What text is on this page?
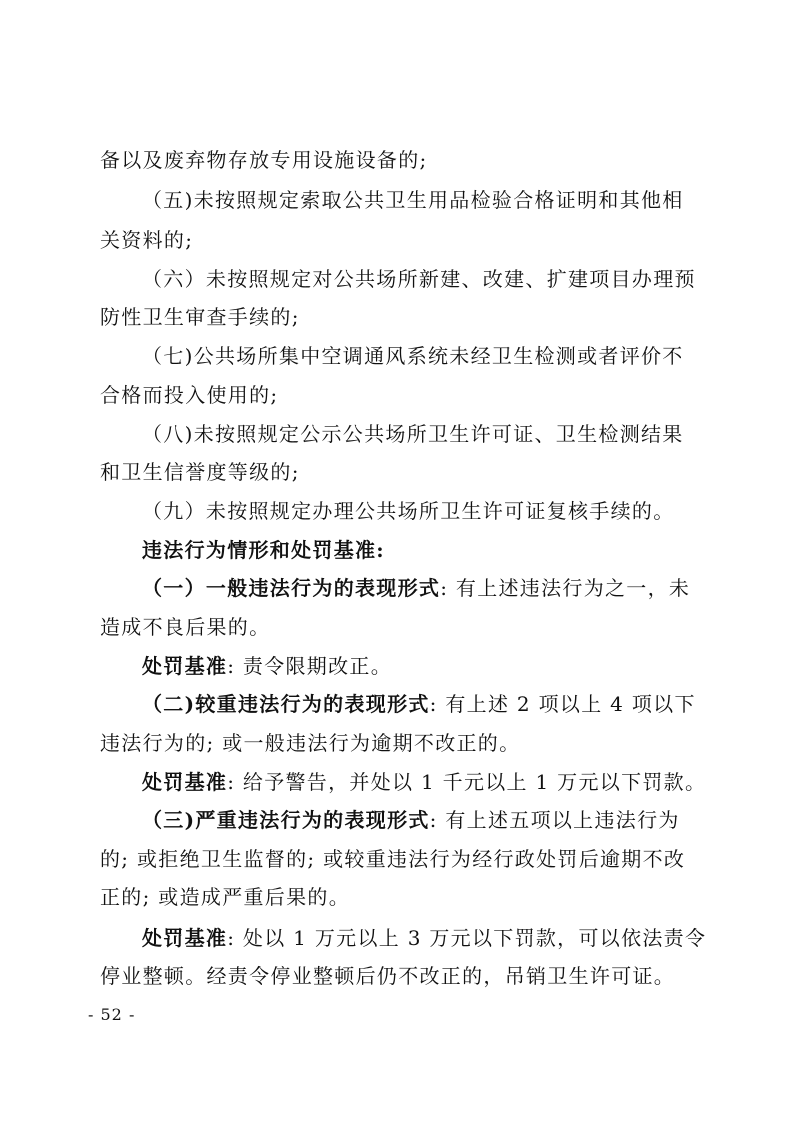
备以及废弃物存放专用设施设备的;
（五)未按照规定索取公共卫生用品检验合格证明和其他相
关资料的;
（六）未按照规定对公共场所新建、改建、扩建项目办理预
防性卫生审查手续的;
（七)公共场所集中空调通风系统未经卫生检测或者评价不
合格而投入使用的;
（八)未按照规定公示公共场所卫生许可证、卫生检测结果
和卫生信誉度等级的;
（九）未按照规定办理公共场所卫生许可证复核手续的。
违法行为情形和处罚基准:
（一）一般违法行为的表现形式: 有上述违法行为之一，未
造成不良后果的。
处罚基准: 责令限期改正。
（二)较重违法行为的表现形式: 有上述 2 项以上 4 项以下
违法行为的; 或一般违法行为逾期不改正的。
处罚基准: 给予警告，并处以 1 千元以上 1 万元以下罚款。
（三)严重违法行为的表现形式: 有上述五项以上违法行为
的; 或拒绝卫生监督的; 或较重违法行为经行政处罚后逾期不改
正的; 或造成严重后果的。
处罚基准: 处以 1 万元以上 3 万元以下罚款，可以依法责令
停业整顿。经责令停业整顿后仍不改正的，吊销卫生许可证。
- 52 -
